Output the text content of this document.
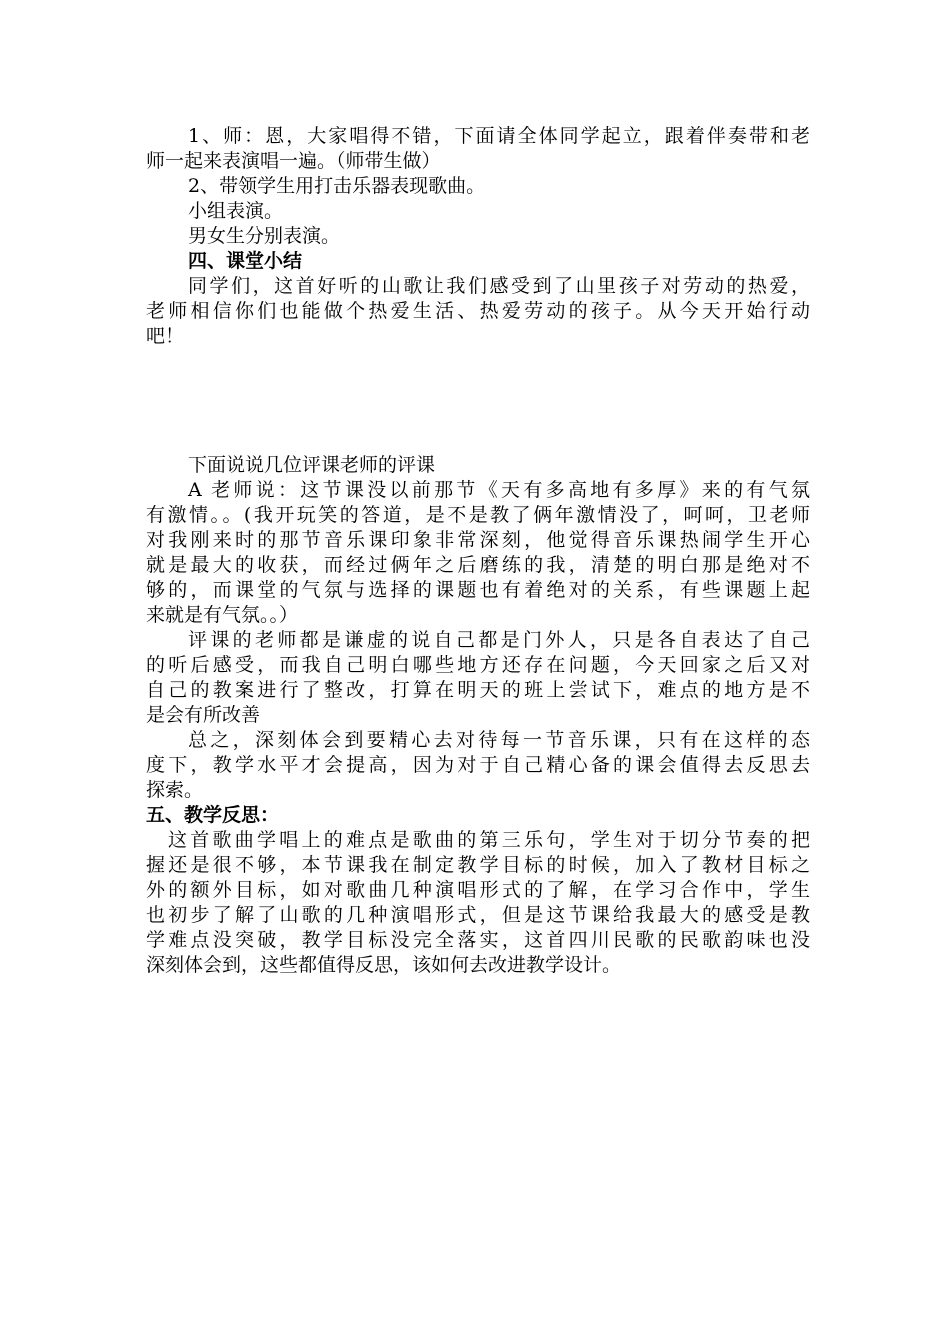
1、师：恩，大家唱得不错，下面请全体同学起立，跟着伴奏带和老
师一起来表演唱一遍。（师带生做）
2、带领学生用打击乐器表现歌曲。
小组表演。
男女生分别表演。
四、课堂小结
同学们，这首好听的山歌让我们感受到了山里孩子对劳动的热爱，
老师相信你们也能做个热爱生活、热爱劳动的孩子。从今天开始行动
吧！
下面说说几位评课老师的评课
A 老师说：这节课没以前那节《天有多高地有多厚》来的有气氛
有激情。。(我开玩笑的答道，是不是教了俩年激情没了，呵呵，卫老师
对我刚来时的那节音乐课印象非常深刻，他觉得音乐课热闹学生开心
就是最大的收获，而经过俩年之后磨练的我，清楚的明白那是绝对不
够的，而课堂的气氛与选择的课题也有着绝对的关系，有些课题上起
来就是有气氛。。）
评课的老师都是谦虚的说自己都是门外人，只是各自表达了自己
的听后感受，而我自己明白哪些地方还存在问题，今天回家之后又对
自己的教案进行了整改，打算在明天的班上尝试下，难点的地方是不
是会有所改善
总之，深刻体会到要精心去对待每一节音乐课，只有在这样的态
度下，教学水平才会提高，因为对于自己精心备的课会值得去反思去
探索。
五、教学反思：
这首歌曲学唱上的难点是歌曲的第三乐句，学生对于切分节奏的把
握还是很不够，本节课我在制定教学目标的时候，加入了教材目标之
外的额外目标，如对歌曲几种演唱形式的了解，在学习合作中，学生
也初步了解了山歌的几种演唱形式，但是这节课给我最大的感受是教
学难点没突破，教学目标没完全落实，这首四川民歌的民歌韵味也没
深刻体会到，这些都值得反思，该如何去改进教学设计。
